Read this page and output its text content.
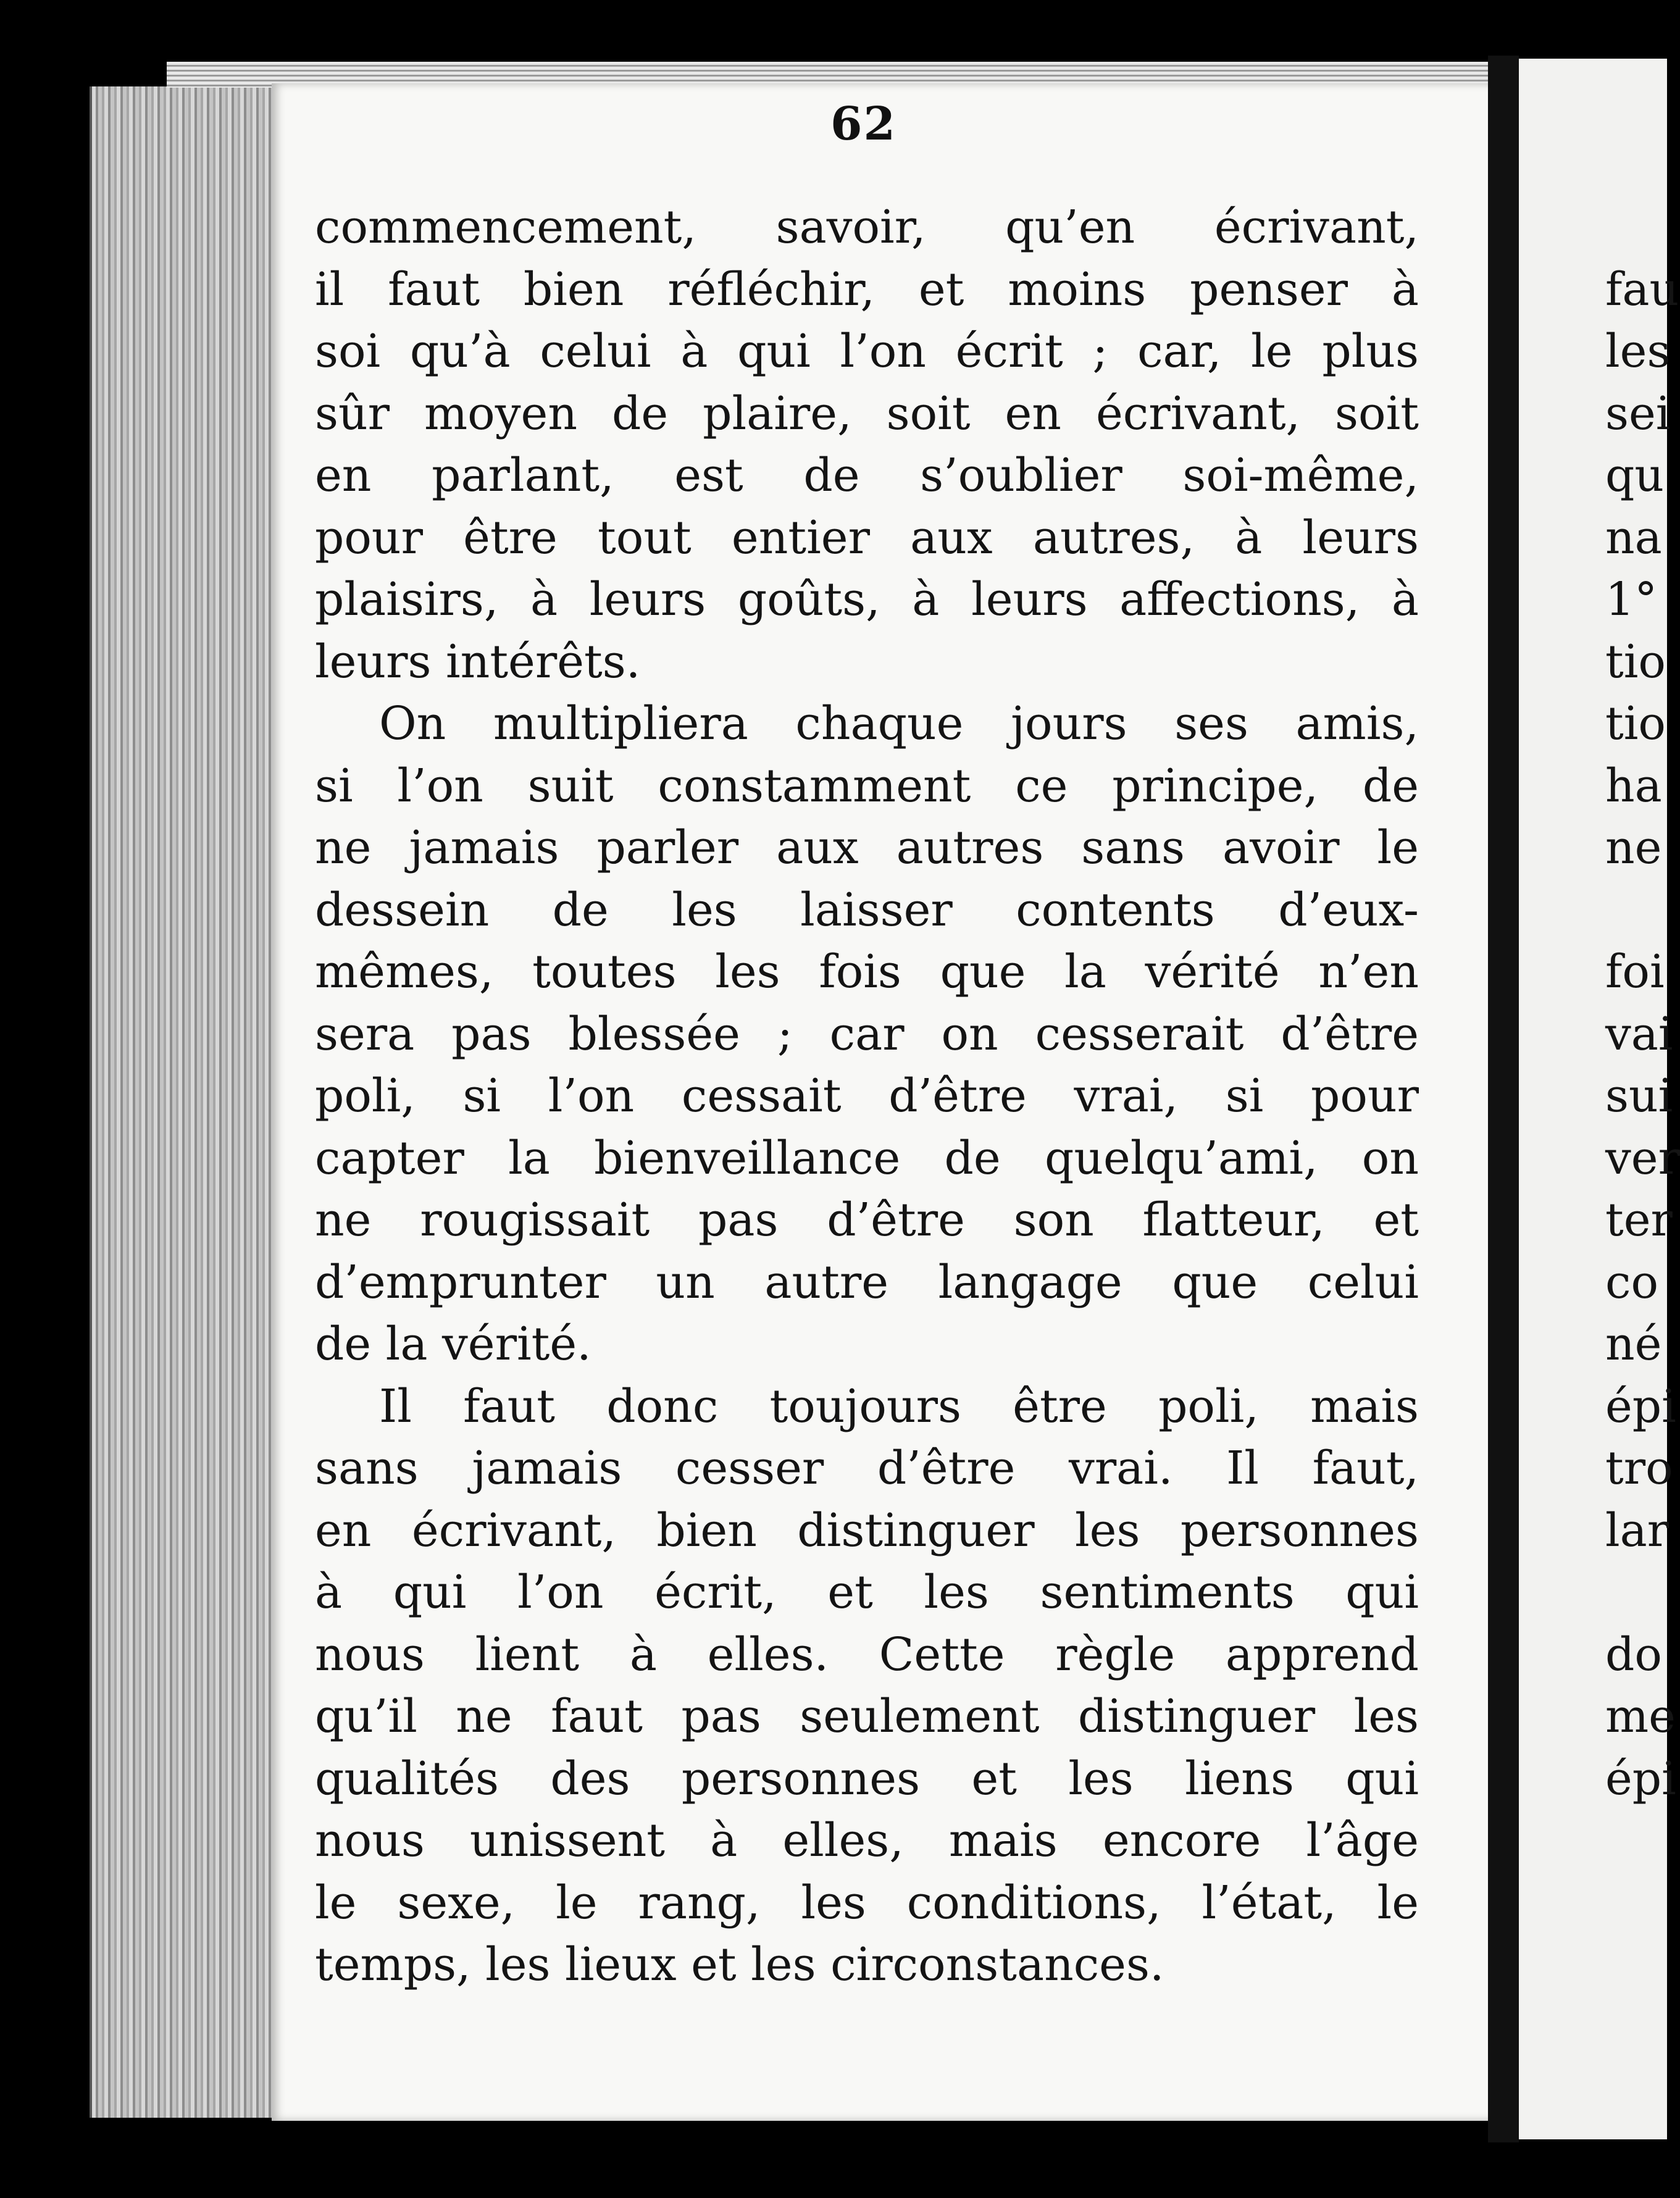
62

commencement, savoir, qu’en écrivant,
il faut bien réfléchir, et moins penser à
soi qu’à celui à qui l’on écrit ; car, le plus
sûr moyen de plaire, soit en écrivant, soit
en parlant, est de s’oublier soi-même,
pour être tout entier aux autres, à leurs
plaisirs, à leurs goûts, à leurs affections, à
leurs intérêts.

On multipliera chaque jours ses amis,
si l’on suit constamment ce principe, de
ne jamais parler aux autres sans avoir le
dessein de les laisser contents d’eux-
mêmes, toutes les fois que la vérité n’en
sera pas blessée ; car on cesserait d’être
poli, si l’on cessait d’être vrai, si pour
capter la bienveillance de quelqu’ami, on
ne rougissait pas d’être son flatteur, et
d’emprunter un autre langage que celui
de la vérité.

Il faut donc toujours être poli, mais
sans jamais cesser d’être vrai. Il faut,
en écrivant, bien distinguer les personnes
à qui l’on écrit, et les sentiments qui
nous lient à elles. Cette règle apprend
qu’il ne faut pas seulement distinguer les
qualités des personnes et les liens qui
nous unissent à elles, mais encore l’âge
le sexe, le rang, les conditions, l’état, le
temps, les lieux et les circonstances.

fau
les
sei
qu
na
1°
tio
tio
ha
ne
foi
vai
sui
ver
ter
co
né
épi
tro
lar
do
me
épi
